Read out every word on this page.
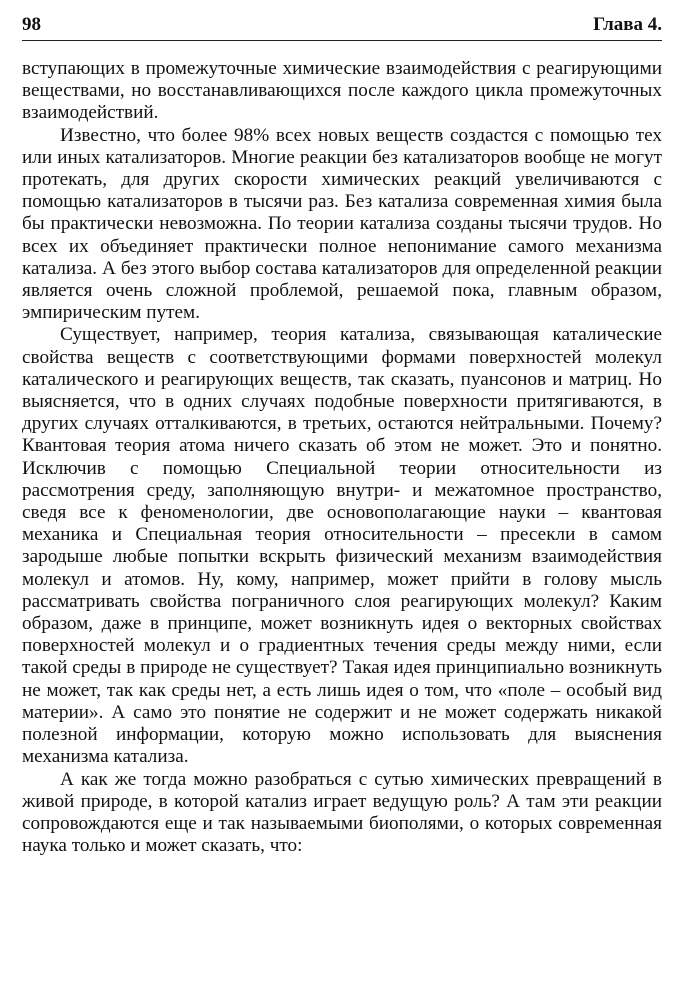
98	Глава 4.

вступающих в промежуточные химические взаимодействия с реагирующими веществами, но восстанавливающихся после каждого цикла промежуточных взаимодействий.

Известно, что более 98% всех новых веществ создастся с помощью тех или иных катализаторов. Многие реакции без катализаторов вообще не могут протекать, для других скорости химических реакций увеличиваются с помощью катализаторов в тысячи раз. Без катализа современная химия была бы практически невозможна. По теории катализа созданы тысячи трудов. Но всех их объединяет практически полное непонимание самого механизма катализа. А без этого выбор состава катализаторов для определенной реакции является очень сложной проблемой, решаемой пока, главным образом, эмпирическим путем.

Существует, например, теория катализа, связывающая каталические свойства веществ с соответствующими формами поверхностей молекул каталического и реагирующих веществ, так сказать, пуансонов и матриц. Но выясняется, что в одних случаях подобные поверхности притягиваются, в других случаях отталкиваются, в третьих, остаются нейтральными. Почему? Квантовая теория атома ничего сказать об этом не может. Это и понятно. Исключив с помощью Специальной теории относительности из рассмотрения среду, заполняющую внутри- и межатомное пространство, сведя все к феноменологии, две основополагающие науки – квантовая механика и Специальная теория относительности – пресекли в самом зародыше любые попытки вскрыть физический механизм взаимодействия молекул и атомов. Ну, кому, например, может прийти в голову мысль рассматривать свойства пограничного слоя реагирующих молекул? Каким образом, даже в принципе, может возникнуть идея о векторных свойствах поверхностей молекул и о градиентных течения среды между ними, если такой среды в природе не существует? Такая идея принципиально возникнуть не может, так как среды нет, а есть лишь идея о том, что «поле – особый вид материи». А само это понятие не содержит и не может содержать никакой полезной информации, которую можно использовать для выяснения механизма катализа.

А как же тогда можно разобраться с сутью химических превращений в живой природе, в которой катализ играет ведущую роль? А там эти реакции сопровождаются еще и так называемыми биополями, о которых современная наука только и может сказать, что:
